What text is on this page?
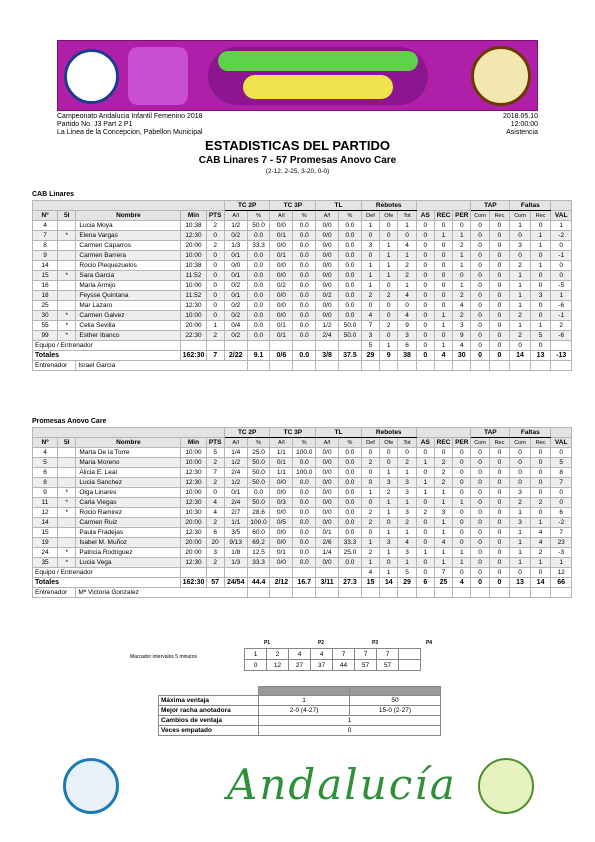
Campeonato Andalucia Infantil Femenino 2018
Partido No. J3 Part 2 P1
La Linea de la Concepcion, Pabellon Municipal
2018.05.10
12:00:00
Asistencia
ESTADISTICAS DEL PARTIDO
CAB Linares 7 - 57 Promesas Anovo Care
(2-12, 2-25, 3-20, 0-0)
CAB Linares
					TC 2P		TC 3P		TL		Rebotes						TAP		Faltas		
Nº	5I	Nombre	Min	PTS	A/I	%	A/I	%	A/I	%	Def	Ofe	Tot	AS	REC	PER	Com	Rec	Com	Rec	VAL
4		Lucia Moya	10:38	2	1/2	50.0	0/0	0.0	0/0	0.0	1	0	1	0	0	0	0	0	1	0	1
7	*	Elena Vargas	12:30	0	0/2	0.0	0/1	0.0	0/0	0.0	0	0	0	0	1	1	0	0	0	1	-2
8		Carmen Caparros	20:00	2	1/3	33.3	0/0	0.0	0/0	0.0	3	1	4	0	0	2	0	0	3	1	0
9		Carmen Barrera	10:00	0	0/1	0.0	0/1	0.0	0/0	0.0	0	1	1	0	0	1	0	0	0	0	-1
14		Rocio Plequezuelos	10:38	0	0/0	0.0	0/0	0.0	0/0	0.0	1	1	2	0	0	1	0	0	2	1	0
15	*	Sara Garcia	11:52	0	0/1	0.0	0/0	0.0	0/0	0.0	1	1	2	0	0	0	0	0	1	0	0
16		Maria Armijo	10:00	0	0/2	0.0	0/2	0.0	0/0	0.0	1	0	1	0	0	1	0	0	1	0	-5
18		Feysse Quintana	11:52	0	0/1	0.0	0/0	0.0	0/2	0.0	2	2	4	0	0	2	0	0	1	3	1
25		Mar Lazaro	12:30	0	0/2	0.0	0/0	0.0	0/0	0.0	0	0	0	0	0	4	0	0	1	0	-6
30	*	Carmen Galvez	10:00	0	0/2	0.0	0/0	0.0	0/0	0.0	4	0	4	0	1	2	0	0	2	0	-1
55	*	Celia Sevilla	20:00	1	0/4	0.0	0/1	0.0	1/2	50.0	7	2	9	0	1	3	0	0	1	1	2
99	*	Esther Ibanco	22:30	2	0/2	0.0	0/1	0.0	2/4	50.0	3	0	3	0	0	9	0	0	2	5	-6
Equipo / Entrenador											5	1	6	0	1	4	0	0	0	0	
Totales			162:30	7	2/22	9.1	0/6	0.0	3/8	37.5	29	9	38	0	4	30	0	0	14	13	-13
Entrenador		Israel Garcia																			
Promesas Anovo Care
					TC 2P		TC 3P		TL		Rebotes						TAP		Faltas		
Nº	5I	Nombre	Min	PTS	A/I	%	A/I	%	A/I	%	Def	Ofe	Tot	AS	REC	PER	Com	Rec	Com	Rec	VAL
4		Marta De la Torre	10:00	5	1/4	25.0	1/1	100.0	0/0	0.0	0	0	0	0	0	0	0	0	0	0	0
5		Maria Moreno	10:00	2	1/2	50.0	0/1	0.0	0/0	0.0	2	0	2	1	2	0	0	0	0	0	5
6		Alicia E. Leal	12:30	7	2/4	50.0	1/1	100.0	0/0	0.0	0	1	1	0	2	0	0	0	0	0	8
8		Lucia Sanchez	12:30	2	1/2	50.0	0/0	0.0	0/0	0.0	0	3	3	1	2	0	0	0	0	0	7
9	*	Olga Linares	10:00	0	0/1	0.0	0/0	0.0	0/0	0.0	1	2	3	1	1	0	0	0	3	0	0
11	*	Carla Viegas	12:30	4	2/4	50.0	0/3	0.0	0/0	0.0	0	1	1	0	1	1	0	0	2	2	0
12	*	Rocio Ramirez	10:30	4	2/7	28.6	0/0	0.0	0/0	0.0	2	1	3	2	3	0	0	0	1	0	6
14		Carmen Ruiz	20:00	2	1/1	100.0	0/5	0.0	0/0	0.0	2	0	2	0	1	0	0	0	3	1	-2
15		Paula Fradejas	12:30	6	3/5	60.0	0/0	0.0	0/1	0.0	0	1	1	0	1	0	0	0	1	4	7
19		Isabel M. Muñoz	20:00	20	9/13	69.2	0/0	0.0	2/6	33.3	1	3	4	0	4	0	0	0	1	4	23
24	*	Patricia Rodriguez	20:00	3	1/8	12.5	0/1	0.0	1/4	25.0	2	1	3	1	1	1	0	0	1	2	-3
35	*	Lucia Vega	12:30	2	1/3	33.3	0/0	0.0	0/0	0.0	1	0	1	0	1	1	0	0	1	1	1
Equipo / Entrenador											4	1	5	0	7	0	0	0	0	0	12
Totales			162:30	57	24/54	44.4	2/12	16.7	3/11	27.3	15	14	29	6	25	4	0	0	13	14	66
Entrenador		Mª Victoria Gonzalez																			
Marcador intervalos 5 minutos
P1	P2	P3	P4
1	2	4	4	7	7	7	
0	12	27	37	44	57	57	

Máxima ventaja	1	50
Mejor racha anotadora	2-0 (4-27)	15-0 (2-27)
Cambios de ventaja	1	
Veces empatado	0	
Andalucía
